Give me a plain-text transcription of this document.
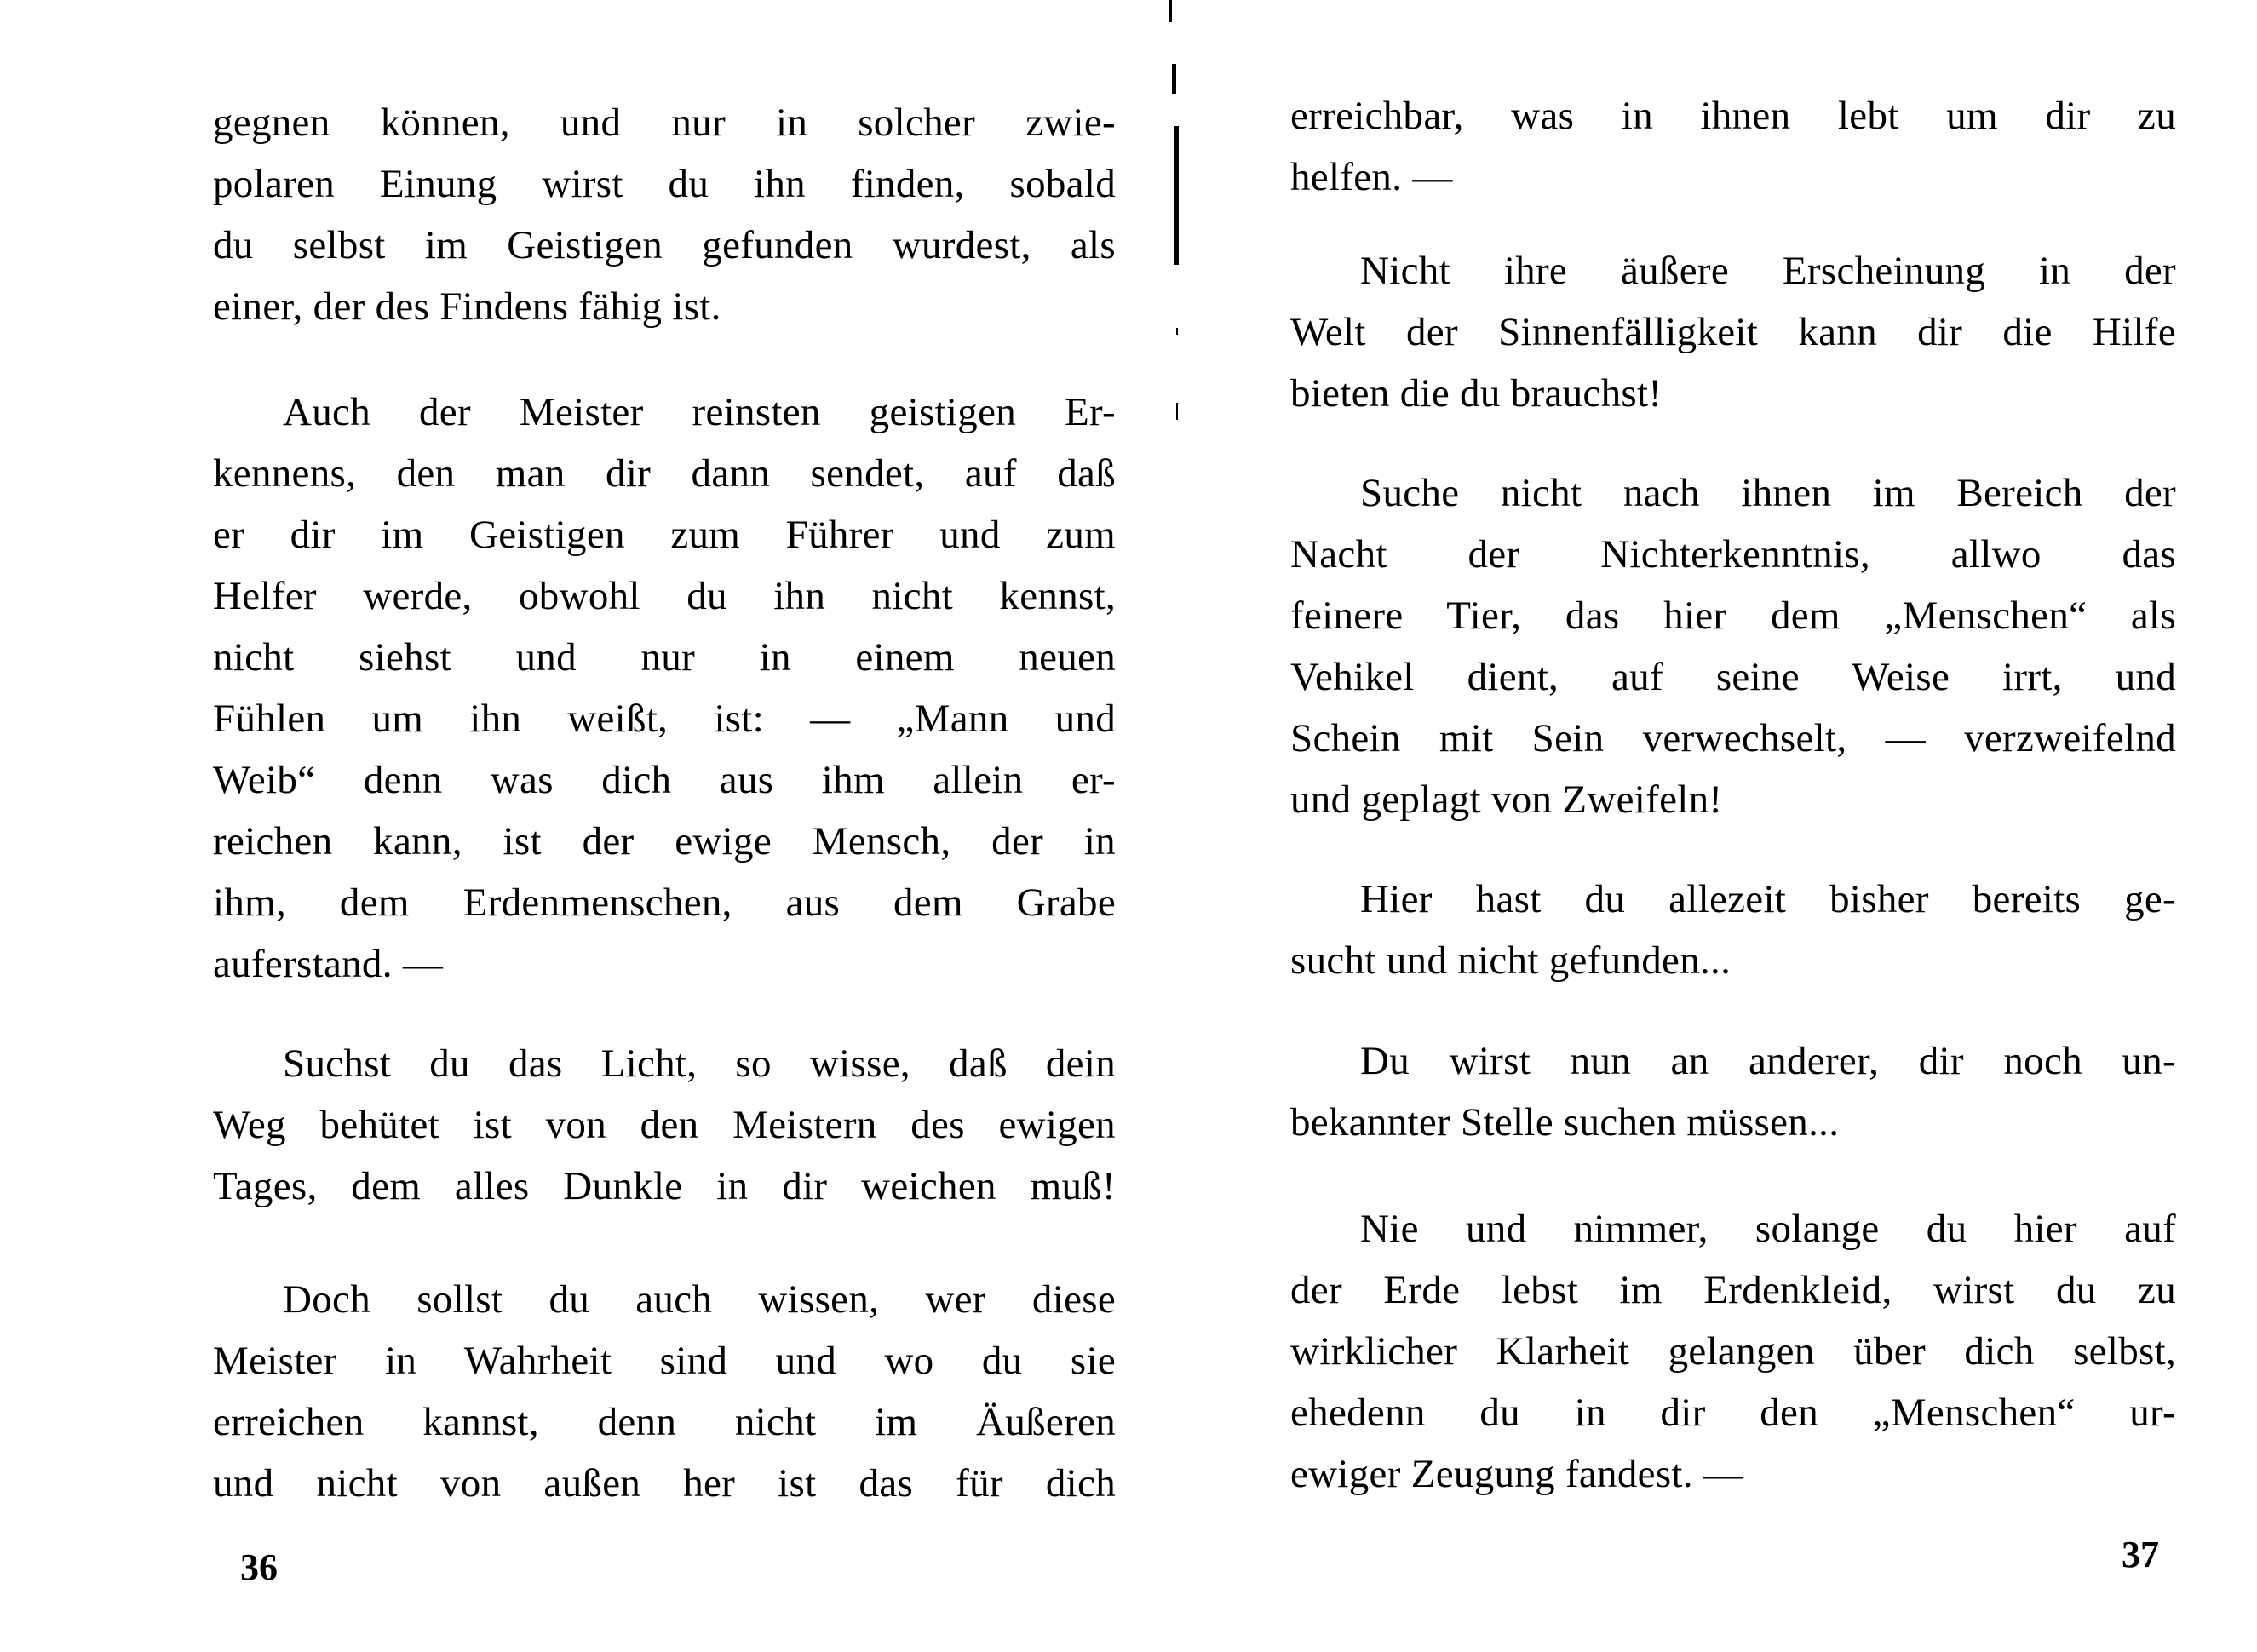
gegnen können, und nur in solcher zwie-
polaren Einung wirst du ihn finden, sobald
du selbst im Geistigen gefunden wurdest, als
einer, der des Findens fähig ist.
Auch der Meister reinsten geistigen Er-
kennens, den man dir dann sendet, auf daß
er dir im Geistigen zum Führer und zum
Helfer werde, obwohl du ihn nicht kennst,
nicht siehst und nur in einem neuen
Fühlen um ihn weißt, ist: — „Mann und
Weib“ denn was dich aus ihm allein er-
reichen kann, ist der ewige Mensch, der in
ihm, dem Erdenmenschen, aus dem Grabe
auferstand. —
Suchst du das Licht, so wisse, daß dein
Weg behütet ist von den Meistern des ewigen
Tages, dem alles Dunkle in dir weichen muß!
Doch sollst du auch wissen, wer diese
Meister in Wahrheit sind und wo du sie
erreichen kannst, denn nicht im Äußeren
und nicht von außen her ist das für dich
36
erreichbar, was in ihnen lebt um dir zu
helfen. —
Nicht ihre äußere Erscheinung in der
Welt der Sinnenfälligkeit kann dir die Hilfe
bieten die du brauchst!
Suche nicht nach ihnen im Bereich der
Nacht der Nichterkenntnis, allwo das
feinere Tier, das hier dem „Menschen“ als
Vehikel dient, auf seine Weise irrt, und
Schein mit Sein verwechselt, — verzweifelnd
und geplagt von Zweifeln!
Hier hast du allezeit bisher bereits ge-
sucht und nicht gefunden...
Du wirst nun an anderer, dir noch un-
bekannter Stelle suchen müssen...
Nie und nimmer, solange du hier auf
der Erde lebst im Erdenkleid, wirst du zu
wirklicher Klarheit gelangen über dich selbst,
ehedenn du in dir den „Menschen“ ur-
ewiger Zeugung fandest. —
37
